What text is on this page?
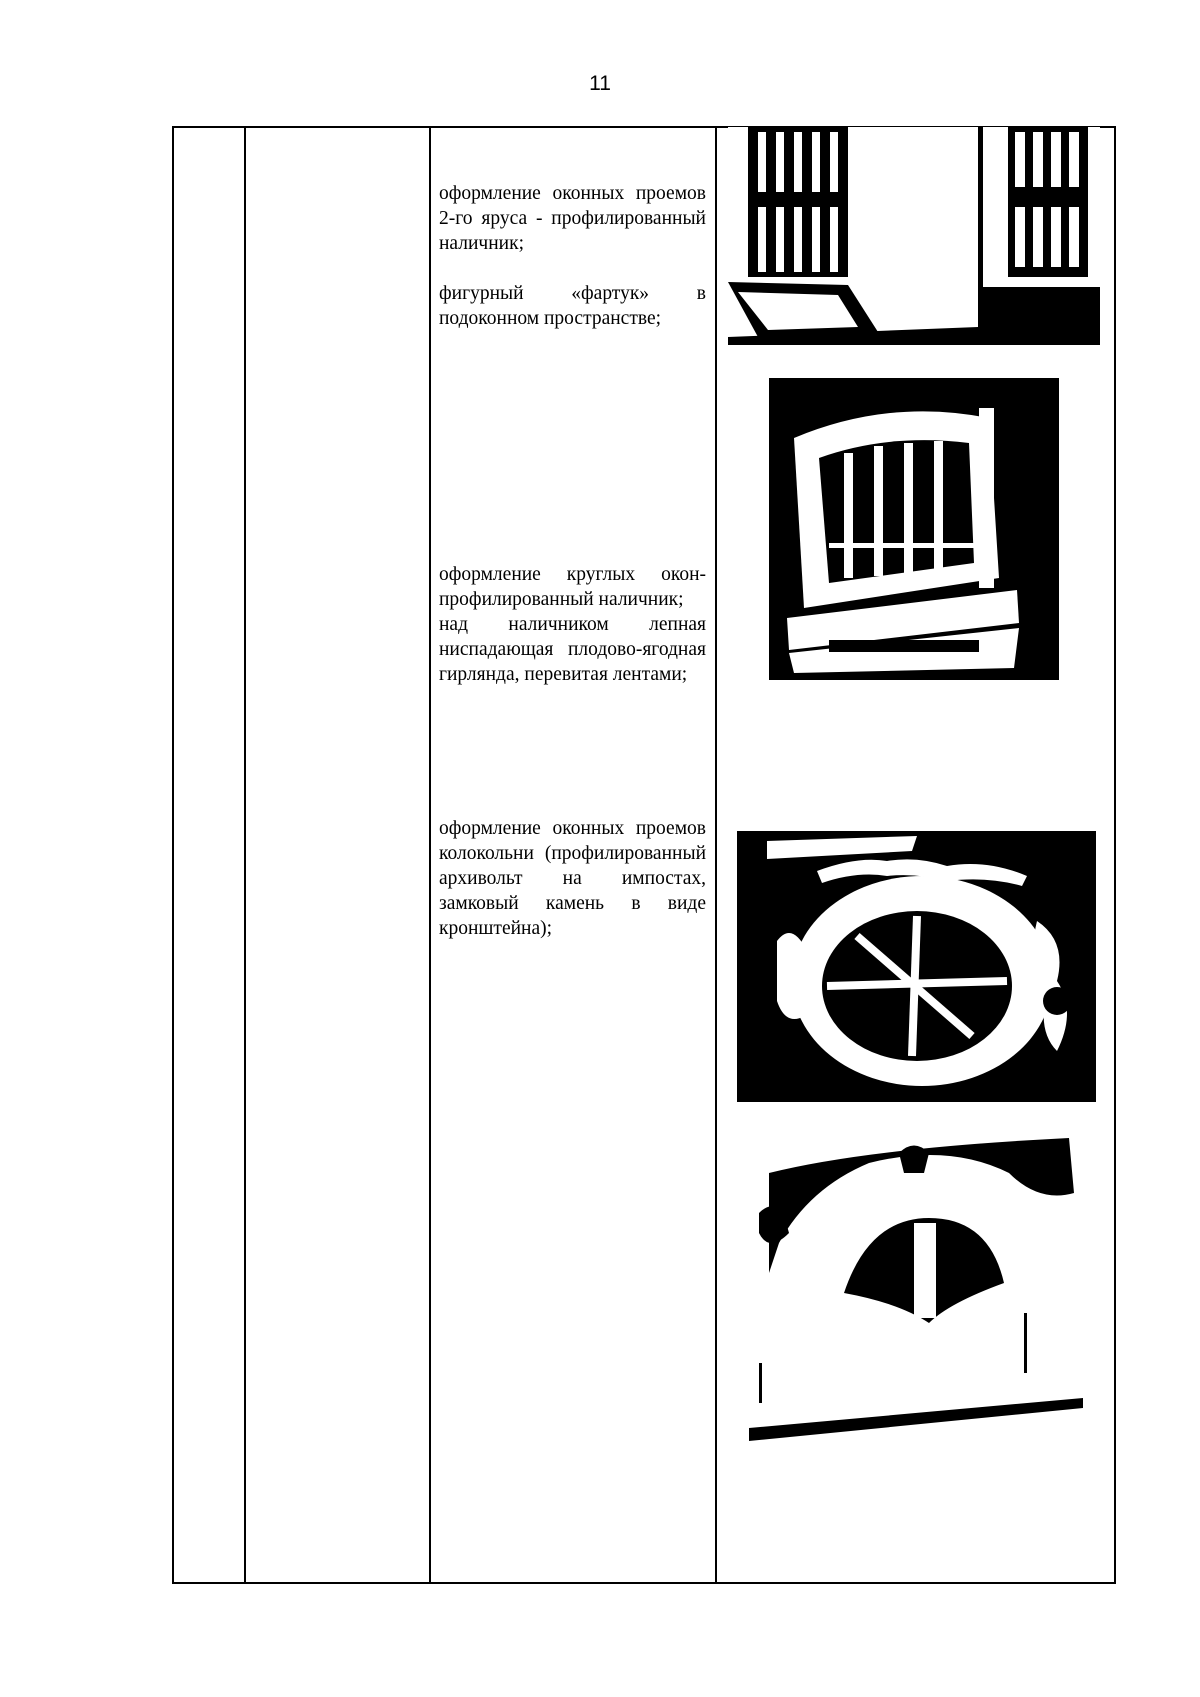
11

оформление оконных проемов 2-го яруса - профилированный наличник;

фигурный «фартук» в подоконном пространстве;

оформление круглых окон- профилированный наличник;

над наличником лепная ниспадающая плодово-ягодная гирлянда, перевитая лентами;

оформление оконных проемов колокольни (профилированный архивольт на импостах, замковый камень в виде кронштейна);
